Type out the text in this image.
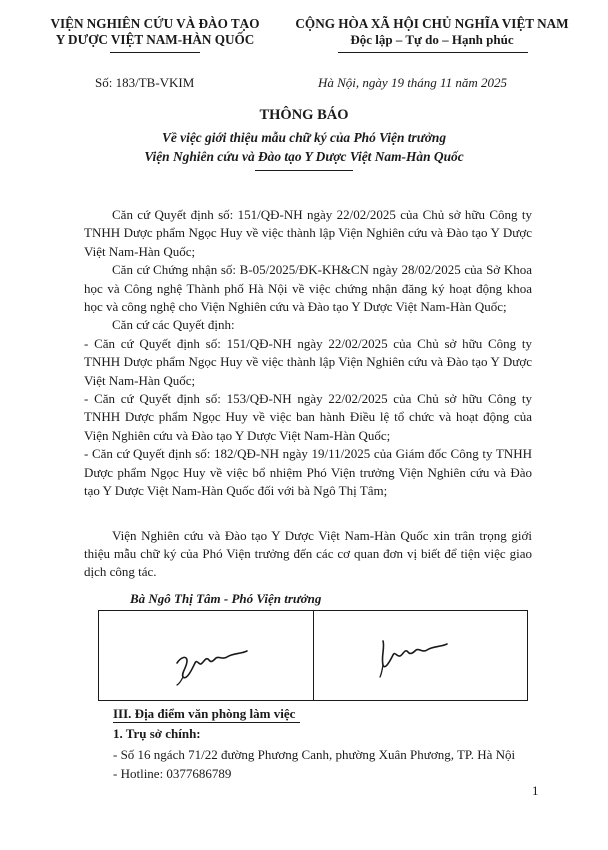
VIỆN NGHIÊN CỨU VÀ ĐÀO TẠO
Y DƯỢC VIỆT NAM-HÀN QUỐC
CỘNG HÒA XÃ HỘI CHỦ NGHĨA VIỆT NAM
Độc lập – Tự do – Hạnh phúc
Số: 183/TB-VKIM	Hà Nội, ngày 19 tháng 11 năm 2025
THÔNG BÁO
Về việc giới thiệu mẫu chữ ký của Phó Viện trưởng
Viện Nghiên cứu và Đào tạo Y Dược Việt Nam-Hàn Quốc

Căn cứ Quyết định số: 151/QĐ-NH ngày 22/02/2025 của Chủ sở hữu Công ty TNHH Dược phẩm Ngọc Huy về việc thành lập Viện Nghiên cứu và Đào tạo Y Dược Việt Nam-Hàn Quốc;

Căn cứ Chứng nhận số: B-05/2025/ĐK-KH&CN ngày 28/02/2025 của Sở Khoa học và Công nghệ Thành phố Hà Nội về việc chứng nhận đăng ký hoạt động khoa học và công nghệ cho Viện Nghiên cứu và Đào tạo Y Dược Việt Nam-Hàn Quốc;

Căn cứ các Quyết định:

- Căn cứ Quyết định số: 151/QĐ-NH ngày 22/02/2025 của Chủ sở hữu Công ty TNHH Dược phẩm Ngọc Huy về việc thành lập Viện Nghiên cứu và Đào tạo Y Dược Việt Nam-Hàn Quốc;

- Căn cứ Quyết định số: 153/QĐ-NH ngày 22/02/2025 của Chủ sở hữu Công ty TNHH Dược phẩm Ngọc Huy về việc ban hành Điều lệ tổ chức và hoạt động của Viện Nghiên cứu và Đào tạo Y Dược Việt Nam-Hàn Quốc;

- Căn cứ Quyết định số: 182/QĐ-NH ngày 19/11/2025 của Giám đốc Công ty TNHH Dược phẩm Ngọc Huy về việc bổ nhiệm Phó Viện trưởng Viện Nghiên cứu và Đào tạo Y Dược Việt Nam-Hàn Quốc đối với bà Ngô Thị Tâm;

Viện Nghiên cứu và Đào tạo Y Dược Việt Nam-Hàn Quốc xin trân trọng giới thiệu mẫu chữ ký của Phó Viện trưởng đến các cơ quan đơn vị biết để tiện việc giao dịch công tác.

Bà Ngô Thị Tâm - Phó Viện trưởng
III. Địa điểm văn phòng làm việc
1. Trụ sở chính:
- Số 16 ngách 71/22 đường Phương Canh, phường Xuân Phương, TP. Hà Nội
- Hotline: 0377686789
1
